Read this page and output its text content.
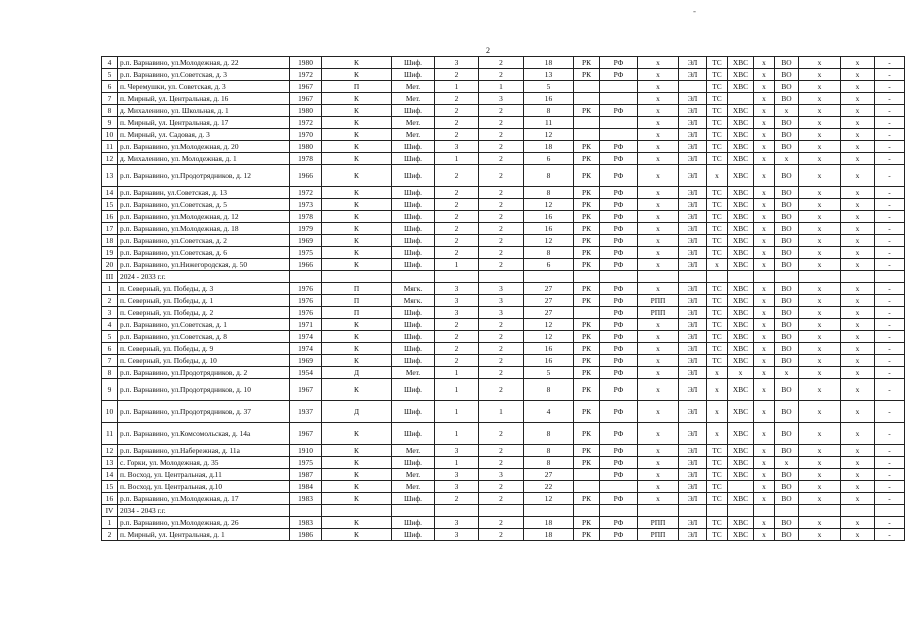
2
-
4	р.п. Варнавино, ул.Молодежная, д. 22	1980	К	Шиф.	3	2	18	РК	РФ	х	ЭЛ	ТС	ХВС	х	ВО	х	х	-
5	р.п. Варнавино, ул.Советская, д. 3	1972	К	Шиф.	2	2	13	РК	РФ	х	ЭЛ	ТС	ХВС	х	ВО	х	х	-
6	п. Черемушки, ул. Советская, д. 3	1967	П	Мет.	1	1	5			х		ТС	ХВС	х	ВО	х	х	-
7	п. Мирный, ул. Центральная, д. 16	1967	К	Мет.	2	3	16			х	ЭЛ	ТС		х	ВО	х	х	-
8	д. Михаленино, ул. Школьная, д. 1	1980	К	Шиф.	2	2	8	РК	РФ	х	ЭЛ	ТС	ХВС	х	х	х	х	-
9	п. Мирный, ул. Центральная, д. 17	1972	К	Мет.	2	2	11			х	ЭЛ	ТС	ХВС	х	ВО	х	х	-
10	п. Мирный, ул. Садовая, д. 3	1970	К	Мет.	2	2	12			х	ЭЛ	ТС	ХВС	х	ВО	х	х	-
11	р.п. Варнавино, ул.Молодежная, д. 20	1980	К	Шиф.	3	2	18	РК	РФ	х	ЭЛ	ТС	ХВС	х	ВО	х	х	-
12	д. Михаленино, ул. Молодежная, д. 1	1978	К	Шиф.	1	2	6	РК	РФ	х	ЭЛ	ТС	ХВС	х	х	х	х	-
13	р.п. Варнавино, ул.Продотрядников, д. 12	1966	К	Шиф.	2	2	8	РК	РФ	х	ЭЛ	х	ХВС	х	ВО	х	х	-
14	р.п. Варнавин, ул.Советская, д. 13	1972	К	Шиф.	2	2	8	РК	РФ	х	ЭЛ	ТС	ХВС	х	ВО	х	х	-
15	р.п. Варнавино, ул.Советская, д. 5	1973	К	Шиф.	2	2	12	РК	РФ	х	ЭЛ	ТС	ХВС	х	ВО	х	х	-
16	р.п. Варнавино, ул.Молодежная, д. 12	1978	К	Шиф.	2	2	16	РК	РФ	х	ЭЛ	ТС	ХВС	х	ВО	х	х	-
17	р.п. Варнавино, ул.Молодежная, д. 18	1979	К	Шиф.	2	2	16	РК	РФ	х	ЭЛ	ТС	ХВС	х	ВО	х	х	-
18	р.п. Варнавино, ул.Советская, д. 2	1969	К	Шиф.	2	2	12	РК	РФ	х	ЭЛ	ТС	ХВС	х	ВО	х	х	-
19	р.п. Варнавино, ул.Советская, д. 6	1975	К	Шиф.	2	2	8	РК	РФ	х	ЭЛ	ТС	ХВС	х	ВО	х	х	-
20	р.п. Варнавино, ул.Нижегородская, д. 50	1966	К	Шиф.	1	2	6	РК	РФ	х	ЭЛ	х	ХВС	х	ВО	х	х	-
III	2024 - 2033 г.г.																	
1	п. Северный, ул. Победы, д. 3	1976	П	Мягк.	3	3	27	РК	РФ	х	ЭЛ	ТС	ХВС	х	ВО	х	х	-
2	п. Северный, ул. Победы, д. 1	1976	П	Мягк.	3	3	27	РК	РФ	РПП	ЭЛ	ТС	ХВС	х	ВО	х	х	-
3	п. Северный, ул. Победы, д. 2	1976	П	Шиф.	3	3	27		РФ	РПП	ЭЛ	ТС	ХВС	х	ВО	х	х	-
4	р.п. Варнавино, ул.Советская, д. 1	1971	К	Шиф.	2	2	12	РК	РФ	х	ЭЛ	ТС	ХВС	х	ВО	х	х	-
5	р.п. Варнавино, ул.Советская, д. 8	1974	К	Шиф.	2	2	12	РК	РФ	х	ЭЛ	ТС	ХВС	х	ВО	х	х	-
6	п. Северный, ул. Победы, д. 9	1974	К	Шиф.	2	2	16	РК	РФ	х	ЭЛ	ТС	ХВС	х	ВО	х	х	-
7	п. Северный, ул. Победы, д. 10	1969	К	Шиф.	2	2	16	РК	РФ	х	ЭЛ	ТС	ХВС	х	ВО	х	х	-
8	р.п. Варнавино, ул.Продотрядников, д. 2	1954	Д	Мет.	1	2	5	РК	РФ	х	ЭЛ	х	х	х	х	х	х	-
9	р.п. Варнавино, ул.Продотрядников, д. 10	1967	К	Шиф.	1	2	8	РК	РФ	х	ЭЛ	х	ХВС	х	ВО	х	х	-
10	р.п. Варнавино, ул.Продотрядников, д. 37	1937	Д	Шиф.	1	1	4	РК	РФ	х	ЭЛ	х	ХВС	х	ВО	х	х	-
11	р.п. Варнавино, ул.Комсомольская, д. 14а	1967	К	Шиф.	1	2	8	РК	РФ	х	ЭЛ	х	ХВС	х	ВО	х	х	-
12	р.п. Варнавино, ул.Набережная, д. 11а	1910	К	Мет.	3	2	8	РК	РФ	х	ЭЛ	ТС	ХВС	х	ВО	х	х	-
13	с. Горки, ул. Молодежная, д. 35	1975	К	Шиф.	1	2	8	РК	РФ	х	ЭЛ	ТС	ХВС	х	х	х	х	-
14	п. Восход, ул. Центральная, д.11	1987	К	Мет.	3	3	27		РФ	х	ЭЛ	ТС	ХВС	х	ВО	х	х	-
15	п. Восход, ул. Центральная, д.10	1984	К	Мет.	3	2	22			х	ЭЛ	ТС		х	ВО	х	х	-
16	р.п. Варнавино, ул.Молодежная, д. 17	1983	К	Шиф.	2	2	12	РК	РФ	х	ЭЛ	ТС	ХВС	х	ВО	х	х	-
IV	2034 - 2043 г.г.																	
1	р.п. Варнавино, ул.Молодежная, д. 26	1983	К	Шиф.	3	2	18	РК	РФ	РПП	ЭЛ	ТС	ХВС	х	ВО	х	х	-
2	п. Мирный, ул. Центральная, д. 1	1986	К	Шиф.	3	2	18	РК	РФ	РПП	ЭЛ	ТС	ХВС	х	ВО	х	х	-
